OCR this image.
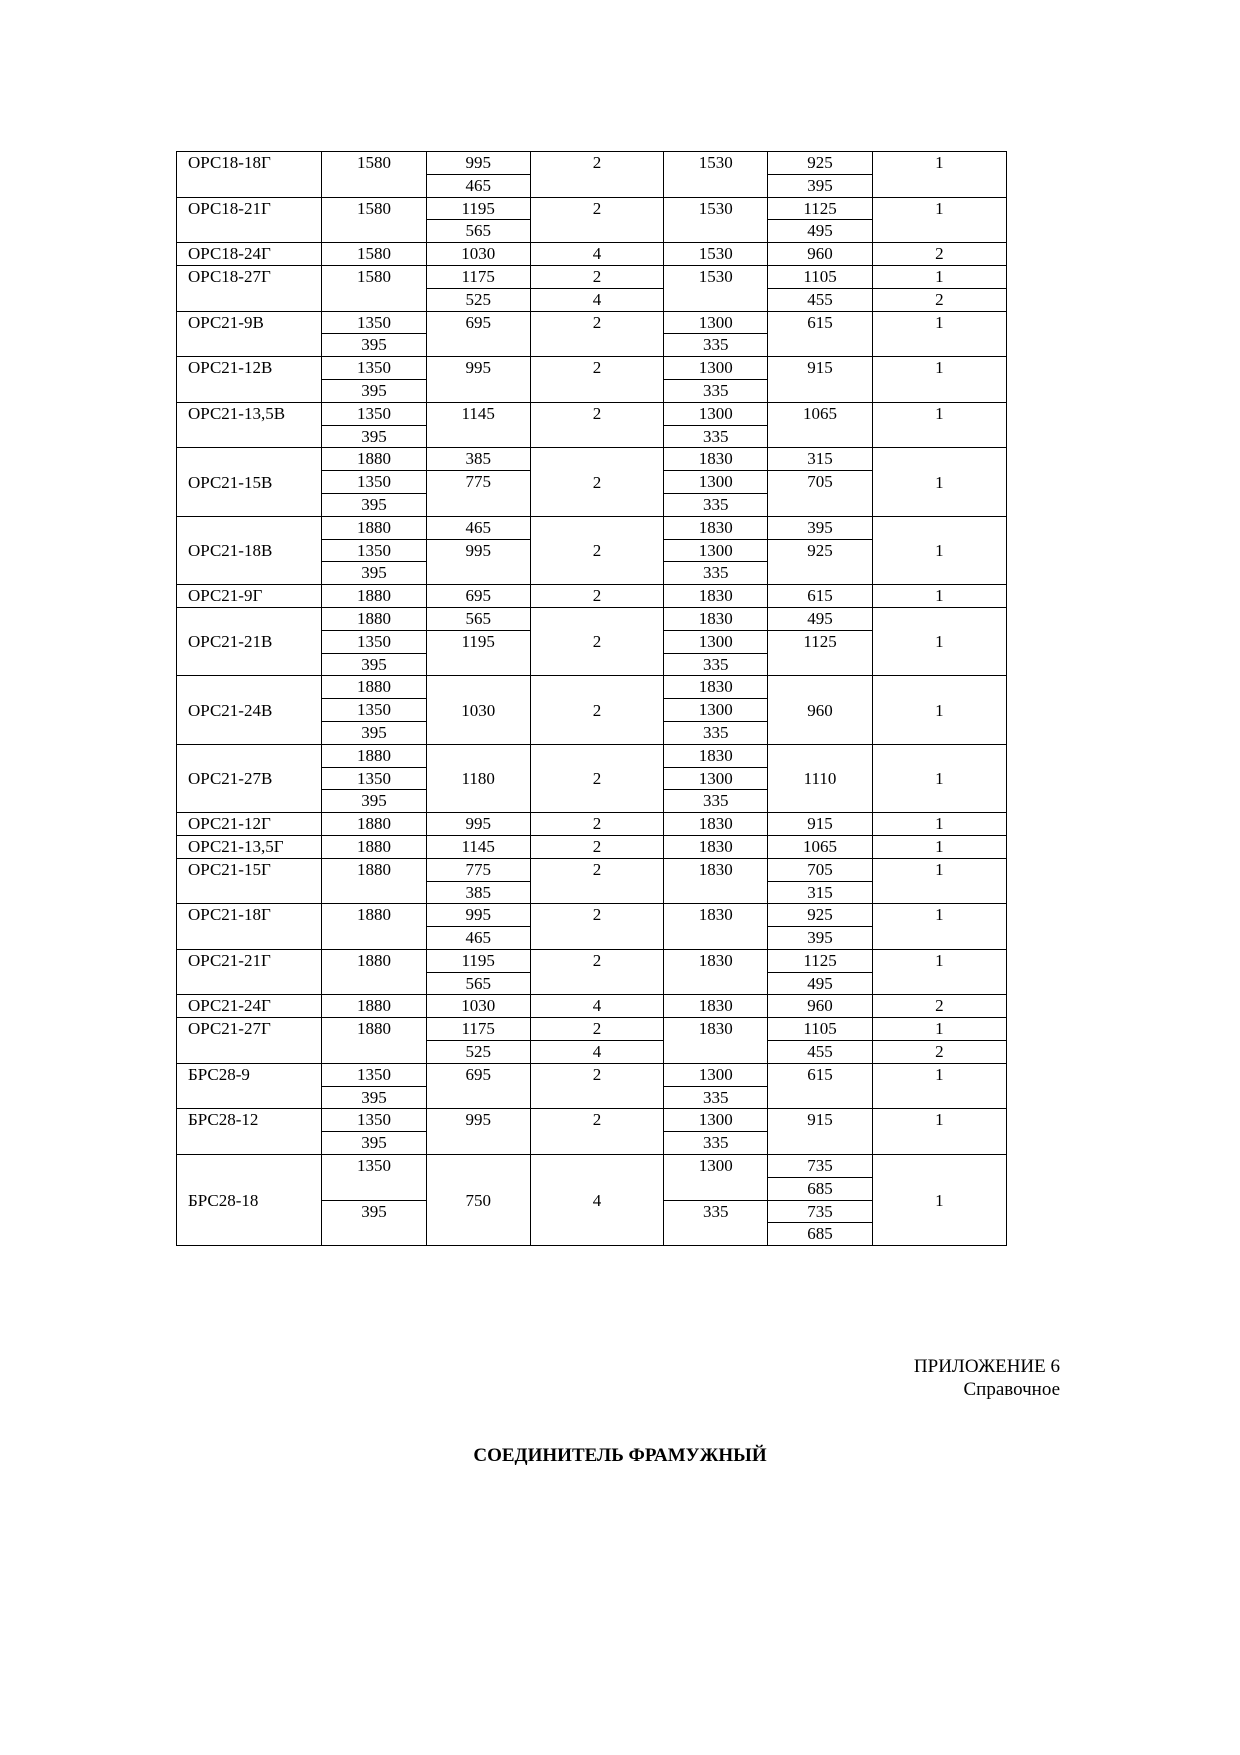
ОРС18-18Г	1580	995	2	1530	925	1
		465			395	
ОРС18-21Г	1580	1195	2	1530	1125	1
		565			495	
ОРС18-24Г	1580	1030	4	1530	960	2
ОРС18-27Г	1580	1175	2	1530	1105	1
		525	4		455	2
ОРС21-9В	1350	695	2	1300	615	1
	395			335		
ОРС21-12В	1350	995	2	1300	915	1
	395			335		
ОРС21-13,5В	1350	1145	2	1300	1065	1
	395			335		
ОРС21-15В	1880	385	2	1830	315	1
	1350	775		1300	705	
	395			335		
ОРС21-18В	1880	465	2	1830	395	1
	1350	995		1300	925	
	395			335		
ОРС21-9Г	1880	695	2	1830	615	1
ОРС21-21В	1880	565	2	1830	495	1
	1350	1195		1300	1125	
	395			335		
ОРС21-24В	1880	1030	2	1830	960	1
	1350			1300		
	395			335		
ОРС21-27В	1880	1180	2	1830	1110	1
	1350			1300		
	395			335		
ОРС21-12Г	1880	995	2	1830	915	1
ОРС21-13,5Г	1880	1145	2	1830	1065	1
ОРС21-15Г	1880	775	2	1830	705	1
		385			315	
ОРС21-18Г	1880	995	2	1830	925	1
		465			395	
ОРС21-21Г	1880	1195	2	1830	1125	1
		565			495	
ОРС21-24Г	1880	1030	4	1830	960	2
ОРС21-27Г	1880	1175	2	1830	1105	1
		525	4		455	2
БРС28-9	1350	695	2	1300	615	1
	395			335		
БРС28-12	1350	995	2	1300	915	1
	395			335		
БРС28-18	1350	750	4	1300	735	1
					685	
	395			335	735	
					685	
ПРИЛОЖЕНИЕ 6
Справочное
СОЕДИНИТЕЛЬ ФРАМУЖНЫЙ
